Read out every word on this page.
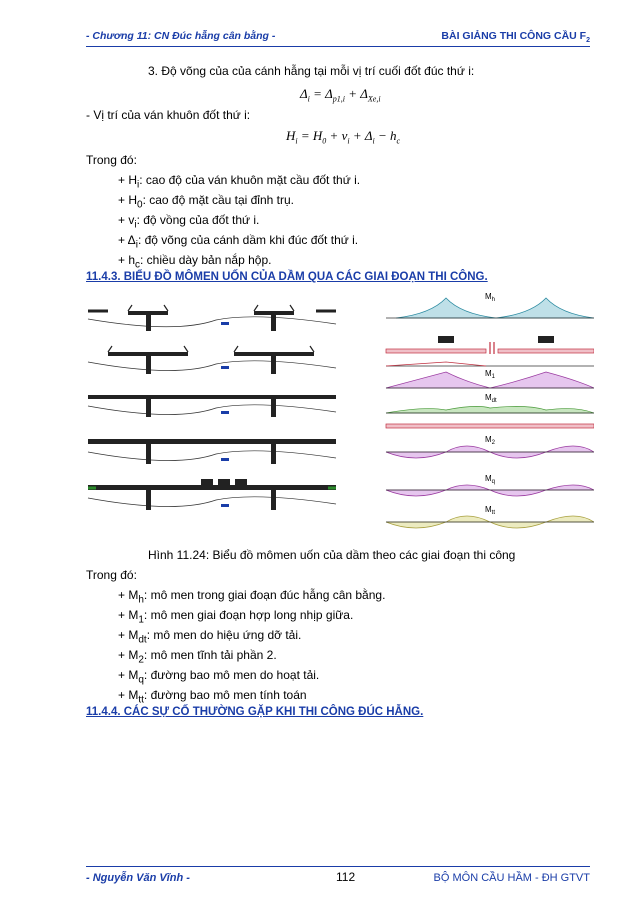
- Chương 11: CN Đúc hẫng cân bằng -	BÀI GIẢNG THI CÔNG CẦU $F_2$
3. Độ võng của của cánh hẫng tại mỗi vị trí cuối đốt đúc thứ i:
$\Delta_i = \Delta_{p1,i} + \Delta_{Xe,i}$
- Vị trí của ván khuôn đốt thứ i:
$H_i = H_0 + v_i + \Delta_i - h_c$
Trong đó:
+ $H_i$: cao độ của ván khuôn mặt cầu đốt thứ i.
+ $H_0$: cao độ mặt cầu tại đỉnh trụ.
+ $v_i$: độ vồng của đốt thứ i.
+ $\Delta_i$: độ võng của cánh dầm khi đúc đốt thứ i.
+ $h_c$: chiều dày bản nắp hộp.
11.4.3. BIỂU ĐỒ MÔMEN UỐN CỦA DẦM QUA CÁC GIAI ĐOẠN THI CÔNG.
$M_h$
$M_1$
$M_{dt}$
$M_2$
$M_q$
$M_{tt}$
Hình 11.24: Biểu đồ mômen uốn của dầm theo các giai đoạn thi công
Trong đó:
+ $M_h$: mô men trong giai đoạn đúc hẫng cân bằng.
+ $M_1$: mô men giai đoạn hợp long nhịp giữa.
+ $M_{dt}$: mô men do hiệu ứng dỡ tải.
+ $M_2$: mô men tĩnh tải phần 2.
+ $M_q$: đường bao mô men do hoạt tải.
+ $M_{tt}$: đường bao mô men tính toán
11.4.4. CÁC SỰ CỐ THƯỜNG GẶP KHI THI CÔNG ĐÚC HẪNG.
- Nguyễn Văn Vĩnh -	112	BỘ MÔN CẦU HẦM - ĐH GTVT
